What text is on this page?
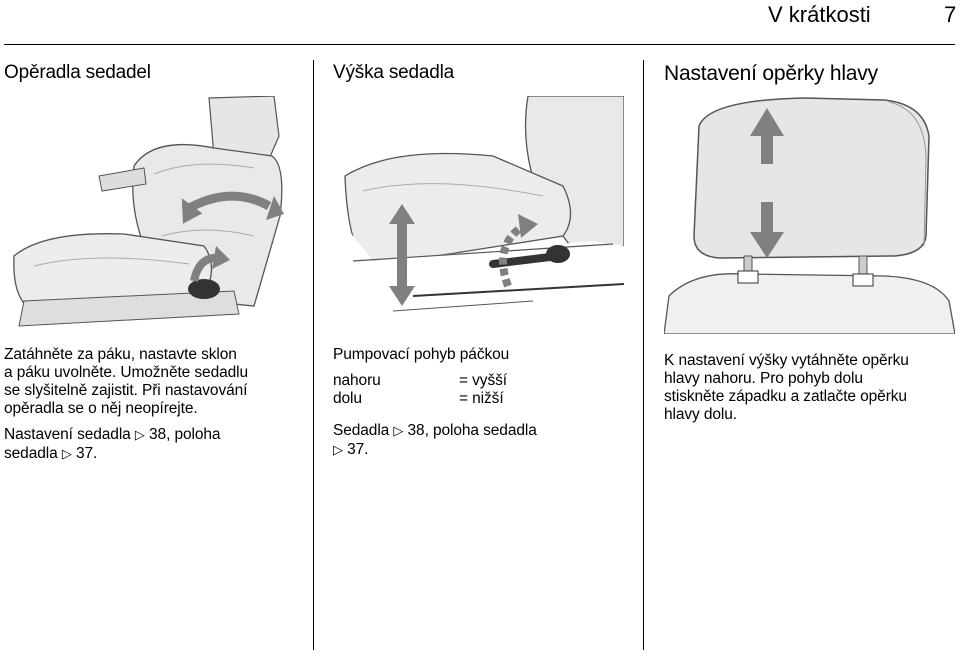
V krátkosti	7
Opěradla sedadel
Zatáhněte za páku, nastavte sklon
a páku uvolněte. Umožněte sedadlu
se slyšitelně zajistit. Při nastavování
opěradla se o něj neopírejte.
Nastavení sedadla ▷ 38, poloha
sedadla ▷ 37.
Výška sedadla
Pumpovací pohyb páčkou
nahoru	= vyšší
dolu	= nižší
Sedadla ▷ 38, poloha sedadla
▷ 37.
Nastavení opěrky hlavy
K nastavení výšky vytáhněte opěrku
hlavy nahoru. Pro pohyb dolu
stiskněte západku a zatlačte opěrku
hlavy dolu.
